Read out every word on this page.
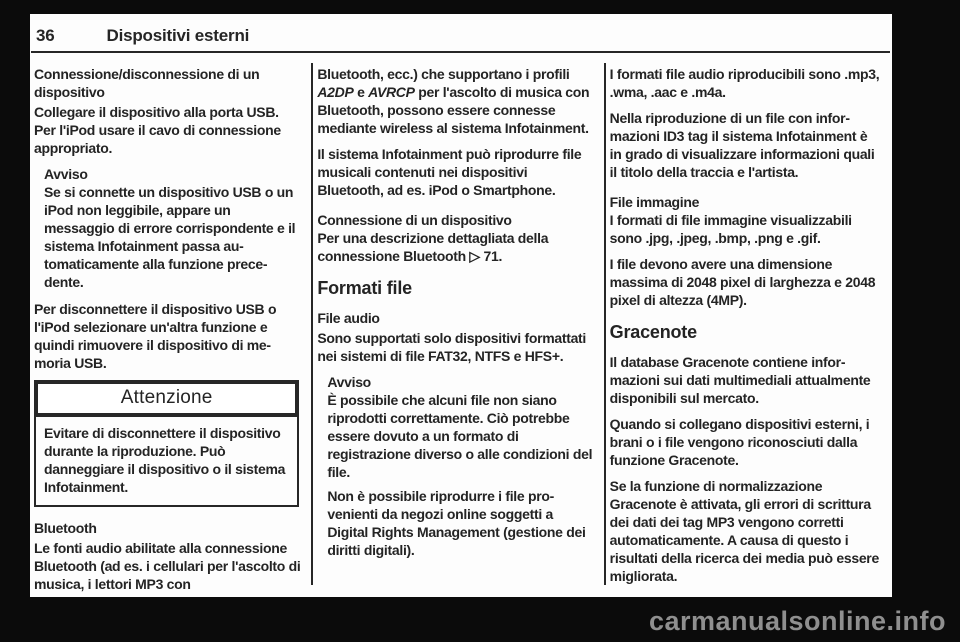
36	Dispositivi esterni

Connessione/disconnessione di un dispositivo

Collegare il dispositivo alla porta USB. Per l'iPod usare il cavo di connessione appropriato.

Avviso

Se si connette un dispositivo USB o un iPod non leggibile, appare un messaggio di errore corrispondente e il sistema Infotainment passa automaticamente alla funzione precedente.

Per disconnettere il dispositivo USB o l'iPod selezionare un'altra funzione e quindi rimuovere il dispositivo di memoria USB.

Attenzione
Evitare di disconnettere il dispositivo durante la riproduzione. Può danneggiare il dispositivo o il sistema Infotainment.

Bluetooth

Le fonti audio abilitate alla connessione Bluetooth (ad es. i cellulari per l'ascolto di musica, i lettori MP3 con

Bluetooth, ecc.) che supportano i profili A2DP e AVRCP per l'ascolto di musica con Bluetooth, possono essere connesse mediante wireless al sistema Infotainment.

Il sistema Infotainment può riprodurre file musicali contenuti nei dispositivi Bluetooth, ad es. iPod o Smartphone.

Connessione di un dispositivo

Per una descrizione dettagliata della connessione Bluetooth ▷ 71.

Formati file

File audio

Sono supportati solo dispositivi formattati nei sistemi di file FAT32, NTFS e HFS+.

Avviso

È possibile che alcuni file non siano riprodotti correttamente. Ciò potrebbe essere dovuto a un formato di registrazione diverso o alle condizioni del file.

Non è possibile riprodurre i file provenienti da negozi online soggetti a Digital Rights Management (gestione dei diritti digitali).

I formati file audio riproducibili sono .mp3, .wma, .aac e .m4a.

Nella riproduzione di un file con informazioni ID3 tag il sistema Infotainment è in grado di visualizzare informazioni quali il titolo della traccia e l'artista.

File immagine

I formati di file immagine visualizzabili sono .jpg, .jpeg, .bmp, .png e .gif.

I file devono avere una dimensione massima di 2048 pixel di larghezza e 2048 pixel di altezza (4MP).

Gracenote

Il database Gracenote contiene informazioni sui dati multimediali attualmente disponibili sul mercato.

Quando si collegano dispositivi esterni, i brani o i file vengono riconosciuti dalla funzione Gracenote.

Se la funzione di normalizzazione Gracenote è attivata, gli errori di scrittura dei dati dei tag MP3 vengono corretti automaticamente. A causa di questo i risultati della ricerca dei media può essere migliorata.

carmanualsonline.info
